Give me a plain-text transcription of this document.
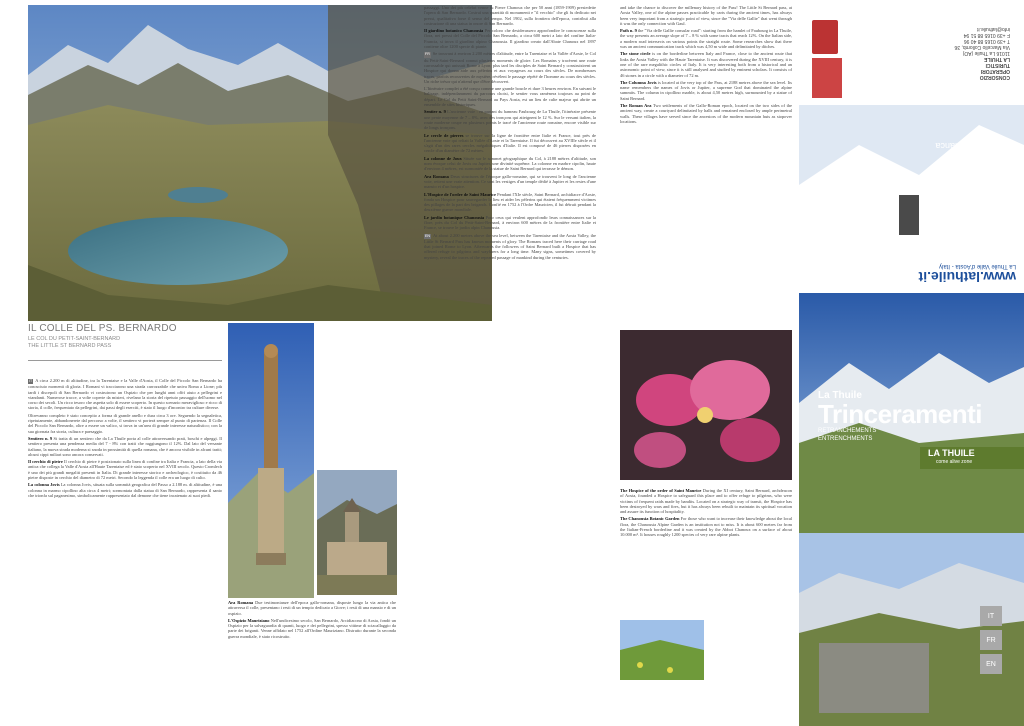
IL COLLE DEL PS. BERNARDO
LE COL DU PETIT-SAINT-BERNARD
THE LITTLE ST BERNARD PASS

IT A circa 2.200 m di altitudine, tra la Tarentaise e la Valle d'Aosta, il Colle del Piccolo San Bernardo ha conosciuto momenti di gloria. I Romani vi tracciarono una strada carrozzabile che univa Roma a Lione; più tardi i discepoli di San Bernardo vi costruirono un Ospizio che per lunghi anni offrì aiuto a pellegrini e viandanti. Numerose tracce, a volte coperte da misteri, rivelano la storia del ripetuto passaggio dell'uomo nel corso dei secoli. Un ricco tesoro che aspetta solo di essere scoperto. In questo scenario meraviglioso e ricco di storia, il colle, frequentato da pellegrini, dai passi degli eserciti, è stato il luogo d'incontro tra culture diverse.

Oltrevanno completo è stato concepito a forma di grande anello e dura circa 3 ore. Seguendo la segnaletica, ripetutamente, abbandonerete dal percorso a volte, il sentiero vi porterà sempre al punto di partenza. Il Colle del Piccolo San Bernardo, oltre a essere un valico, si trova in un'area di grande interesse naturalistico; con la sua giornata fra storia, cultura e paesaggio.

Sentiero n. 9 Si tratta di un sentiero che da La Thuile porta al colle attraversando prati, boschi e alpeggi. Il sentiero presenta una pendenza media del 7 - 8% con tratti che raggiungono il 12%. Dal lato del versante italiano, la nuova strada moderna si snoda in prossimità di quella romana, che è ancora visibile in alcuni tratti; alcuni cippi miliari sono ancora conservati.

Il cerchio di pietre Il cerchio di pietre è posizionato sulla linea di confine tra Italia e Francia, a lato della via antica che collega la Valle d'Aosta all'Haute Tarentaise ed è stato scoperto nel XVIII secolo. Questo Cromlech è uno dei più grandi megaliti presenti in Italia. Di grande interesse storico e archeologico, è costituito da 46 pietre disposte in cerchio del diametro di 72 metri. Secondo la leggenda il colle era un luogo di culto.

La colonna Jovis La colonna Jovis, situata sulla sommità geografica del Passo a 2.188 m. di altitudine, è una colonna in marmo cipollino alta circa 4 metri; sormontata dalla statua di San Bernardo, rappresenta il santo che trionfa sul paganesimo, simbolicamente rappresentato dal demone che tiene incatenato ai suoi piedi.

Ara Romana Due testimonianze dell'epoca gallo-romana, disposte lungo la via antica che attraversa il colle, presentano i resti di un tempio dedicato a Giove; i resti di una mansio e di un ospizio.

L'Ospizio Mauriziano Nell'undicesimo secolo, San Bernardo, Arcidiacono di Aosta, fondò un Ospizio per la salvaguardia di quanti, luogo e dei pellegrini, spesso vittime di sciacallaggio da parte dei briganti. Venne affidato nel 1752 all'Ordine Mauriziano. Distrutto durante la seconda guerra mondiale, è stato ricostruito.

passaggi. Uno dei più celebri venne fu Pierre Chanoux che per 50 anni (1859-1909) presiedette l'opera di San Bernardo. Costruì una quantità di monumenti e "il vecchio" che gli fu dedicato nei pressi, qualitativa forse il senso del tempo. Nel 1902, sulla frontiera dell'epoca, contribuì alla costruzione di una statua in onore di San Bernardo.

Il giardino botanico Chanousia Per coloro che desiderassero approfondire le conoscenze sulla flora, nei pressi del Colle del Piccolo San Bernardo, a circa 600 metri a lato del confine Italia-Francia, si trova il giardino alpino Chanousia. Il giardino creato dall'Abate Chanoux nel 1897 contiene oltre 1200 specie di piante.

FR Se trouvant à environ 2.200 mètres d'altitude, entre la Tarentaise et la Vallée d'Aoste, le Col du Petit-Saint-Bernard connut plusieurs moments de gloire. Les Romains y tracèrent une route carrossable qui unissait Rome à Lyon; plus tard les disciples de Saint Bernard y construisirent un Hospice qui donna aide aux pèlerins et aux voyageurs au cours des siècles. De nombreuses traces, parfois recouvertes de mystère, révèlent le passage répété de l'homme au cours des siècles. Un riche trésor qui n'attend que d'être découvert.

L'Itinéraire complet a été conçu comme une grande boucle et dure 3 heures environ. En suivant le balisage, indépendamment du parcours choisi, le sentier vous ramènera toujours au point de départ. Le Col du Petit Saint-Bernard au Pays Aosta, est un lieu de culte majeur qui abrite un ensemble de sites historiques.

Sentier n. 9 L'ancienne voie : en partant du hameau Faubourg de La Thuile, l'itinéraire présente une pente moyenne de 7 – 8%, avec des tronçons qui atteignent le 12 %. Sur le versant italien, la route moderne coupe en plusieurs points le tracé de l'ancienne route romaine, encore visible sur de longs tronçons.

Le cercle de pierres se trouve sur la ligne de frontière entre Italie et France, tout près de l'ancienne voie qui reliait la Vallée d'Aoste et la Tarentaise. Il fut découvert au XVIIIe siècle et il s'agit d'un des rares cercles mégalithiques d'Italie. Il est composé de 46 pierres disposées en cercle d'un diamètre de 72 mètres.

La colonne de Joux Située sur le sommet géographique du Col, à 2188 mètres d'altitude, son nom évoque celui de Jovis ou Jupiter, une divinité suprême. La colonne en marbre cipolin, haute d'environ 4 mètres, est surmontée de la statue de Saint Bernard qui terrasse le démon.

Ara Romana Deux structures de l'époque gallo-romaine, qui se trouvent le long de l'ancienne voie, retient une vraie attention. Ce sont les vestiges d'un temple dédié à Jupiter et les restes d'une mansio et d'un hospice.

L'Hospice de l'ordre de Saint Maurice Pendant l'XIe siècle, Saint Bernard, archidiacre d'Aoste, fonda un Hospice pour sauvegarder le lieu et aider les pèlerins qui étaient fréquemment victimes des pillages de la part des brigands. Confié en 1752 à l'Ordre Mauricien, il fut détruit pendant la deuxième guerre mondiale.

Le jardin botanique Chanousia Pour ceux qui veulent approfondir leurs connaissances sur la flore, près du Col du Petit-Saint-Bernard, à environ 600 mètres de la frontière entre Italie et France, se trouve le jardin alpin Chanousia.

EN At about 2.200 metres above the sea level, between the Tarentaise and the Aosta Valley, the Little St Bernard Pass has known moments of glory. The Romans traced here their carriage road that joined Rome to Lyon. Afterwards the followers of Saint Bernard built a Hospice that has offered refuge to pilgrims and wayfarers for a long time. Many signs, sometimes covered by mystery, reveal the traces of the repeated passage of mankind during the centuries.

and take the chance to discover the millenary history of the Pass! The Little St Bernard pass, at Aosta Valley, one of the alpine passes practicable by carts during the ancient times, has always been very important from a strategic point of view, since the "Via delle Gallie" that went through it was the only connection with Gaul.

Path n. 9 the "Via delle Gallie consular road": starting from the hamlet of Faubourg in La Thuile, the way presents an average slope of 7 – 8 % with some tracts that reach 12%. On the Italian side, a modern road intersects on various points the straight route. Some researches show that there was an ancient communication track which was 4,50 m wide and delimitated by ditches.

The stone circle is on the borderline between Italy and France, close to the ancient route that links the Aosta Valley with the Haute Tarentaise. It was discovered during the XVIII century, it is one of the rare megalithic circles of Italy. It is very interesting both from a historical and an astronomic point of view, since it is still analysed and studied by eminent scholars. It consists of 46 stones in a circle with a diameter of 72 m.

The Columna Jovis is located at the very top of the Pass, at 2188 metres above the sea level. Its name remembers the names of Jovis or Jupiter, a supreme God that dominated the alpine summits. The column in cipollino marble, is about 4,50 metres high, surmounted by a statue of Saint Bernard.

The Roman Ara Two settlements of the Gallo-Roman epoch, located on the two sides of the ancient way, create a courtyard delimitated by halls and remained enclosed by ample perimetral walls. These villages have served since the ancestors of the modern mountain huts as stopover locations.

The Hospice of the order of Saint Maurice During the XI century, Saint Bernard, archdeacon of Aosta, founded a Hospice to safeguard this place and to offer refuge to pilgrims, who were victims of frequent raids made by bandits. Located on a strategic way of transit, the Hospice has been destroyed by wars and fires, but it has always been rebuilt to maintain its spiritual vocation and assure its function of hospitality.

The Chanousia Botanic Garden For those who want to increase their knowledge about the local flora, the Chanousia Alpine Garden is an institution not to miss. It is about 600 metres far from the Italian-French borderline and it was created by the Abbot Chanoux on a surface of about 10.000 m². It houses roughly 1200 species of very rare alpine plants.

La Thuile
Trinceramenti
RETRANCHEMENTS
ENTRENCHMENTS
LA THUILE
come alive zone
IT
FR
EN
La Thuile
vi aspetta anche
nella stagione bianca
www.lathuile.it
La Thuile Valle d'Aosta - Italy
CONSORZIO
OPERATORI
TURISTICI
LA THUILE
11016 La Thuile (AO)
Via Marcello Collomb, 36
T +39 0165 88 40 96
F +39 0165 88 51 94
info@lathuile.it
